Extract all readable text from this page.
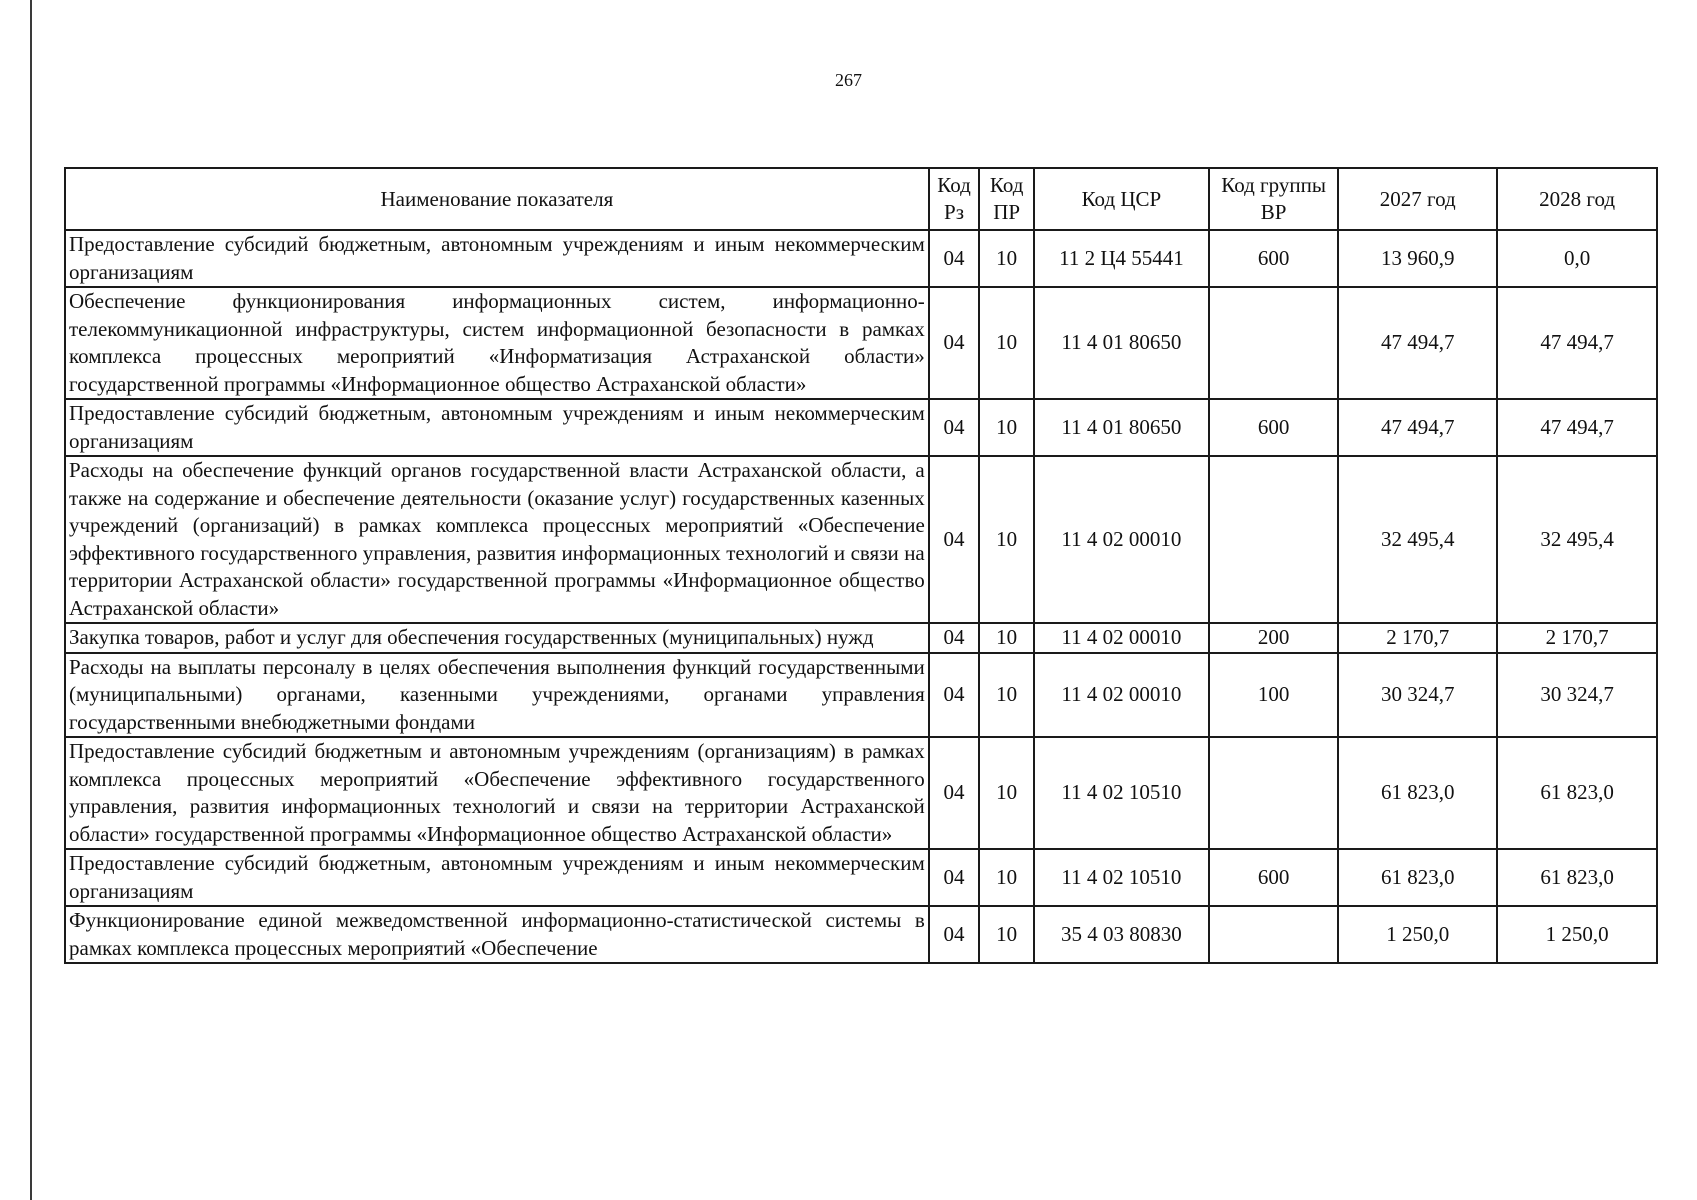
267
Наименование показателя	Код Рз	Код ПР	Код ЦСР	Код группы ВР	2027 год	2028 год
Предоставление субсидий бюджетным, автономным учреждениям и иным некоммерческим организациям	04	10	11 2 Ц4 55441	600	13 960,9	0,0
Обеспечение функционирования информационных систем, информационно-телекоммуникационной инфраструктуры, систем информационной безопасности в рамках комплекса процессных мероприятий «Информатизация Астраханской области» государственной программы «Информационное общество Астраханской области»	04	10	11 4 01 80650		47 494,7	47 494,7
Предоставление субсидий бюджетным, автономным учреждениям и иным некоммерческим организациям	04	10	11 4 01 80650	600	47 494,7	47 494,7
Расходы на обеспечение функций органов государственной власти Астраханской области, а также на содержание и обеспечение деятельности (оказание услуг) государственных казенных учреждений (организаций) в рамках комплекса процессных мероприятий «Обеспечение эффективного государственного управления, развития информационных технологий и связи на территории Астраханской области» государственной программы «Информационное общество Астраханской области»	04	10	11 4 02 00010		32 495,4	32 495,4
Закупка товаров, работ и услуг для обеспечения государственных (муниципальных) нужд	04	10	11 4 02 00010	200	2 170,7	2 170,7
Расходы на выплаты персоналу в целях обеспечения выполнения функций государственными (муниципальными) органами, казенными учреждениями, органами управления государственными внебюджетными фондами	04	10	11 4 02 00010	100	30 324,7	30 324,7
Предоставление субсидий бюджетным и автономным учреждениям (организациям) в рамках комплекса процессных мероприятий «Обеспечение эффективного государственного управления, развития информационных технологий и связи на территории Астраханской области» государственной программы «Информационное общество Астраханской области»	04	10	11 4 02 10510		61 823,0	61 823,0
Предоставление субсидий бюджетным, автономным учреждениям и иным некоммерческим организациям	04	10	11 4 02 10510	600	61 823,0	61 823,0
Функционирование единой межведомственной информационно-статистической системы в рамках комплекса процессных мероприятий «Обеспечение	04	10	35 4 03 80830		1 250,0	1 250,0
